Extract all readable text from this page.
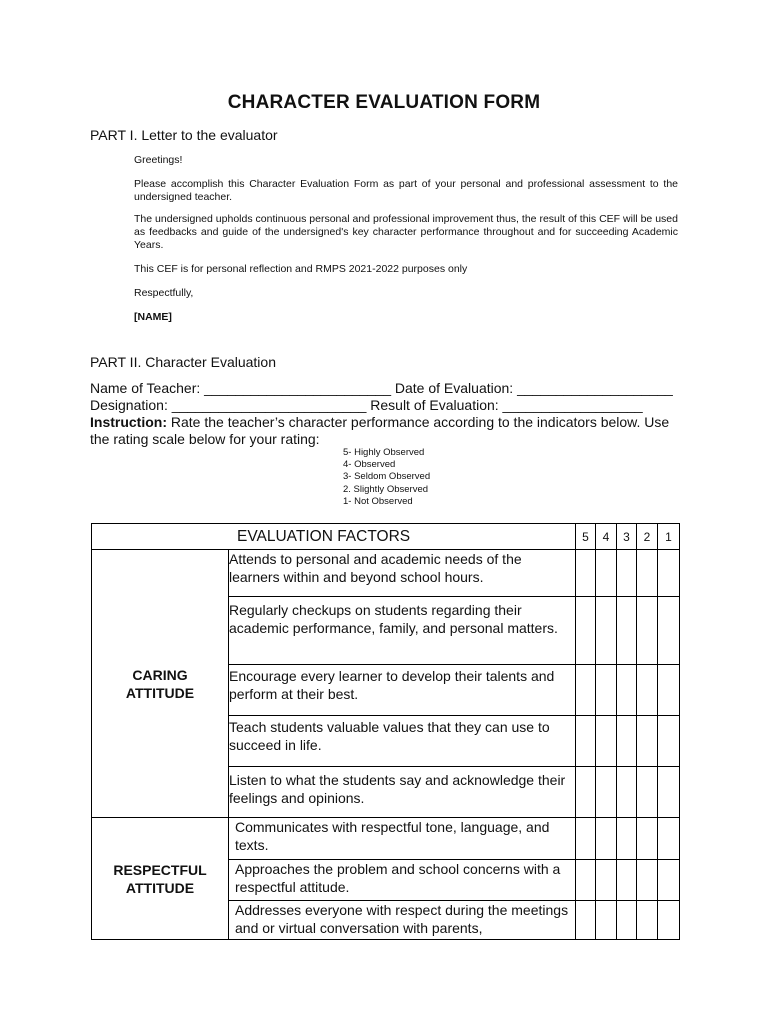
CHARACTER EVALUATION FORM
PART I. Letter to the evaluator

Greetings!

Please accomplish this Character Evaluation Form as part of your personal and professional assessment to the undersigned teacher.

The undersigned upholds continuous personal and professional improvement thus, the result of this CEF will be used as feedbacks and guide of the undersigned's key character performance throughout and for succeeding Academic Years.

This CEF is for personal reflection and RMPS 2021-2022 purposes only

Respectfully,

[NAME]

PART II. Character Evaluation
Name of Teacher: ________________________ Date of Evaluation: ____________________
Designation: _________________________ Result of Evaluation: __________________
Instruction: Rate the teacher’s character performance according to the indicators below. Use the rating scale below for your rating:
5- Highly Observed
4- Observed
3- Seldom Observed
2. Slightly Observed
1- Not Observed
EVALUATION FACTORS		5	4	3	2	1

CARING
ATTITUDE	Attends to personal and academic needs of the learners within and beyond school hours.					
	Regularly checkups on students regarding their academic performance, family, and personal matters.					
	Encourage every learner to develop their talents and perform at their best.					
	Teach students valuable values that they can use to succeed in life.					
	Listen to what the students say and acknowledge their feelings and opinions.					

RESPECTFUL
ATTITUDE	Communicates with respectful tone, language, and texts.					
	Approaches the problem and school concerns with a respectful attitude.					
	Addresses everyone with respect during the meetings and or virtual conversation with parents,					
